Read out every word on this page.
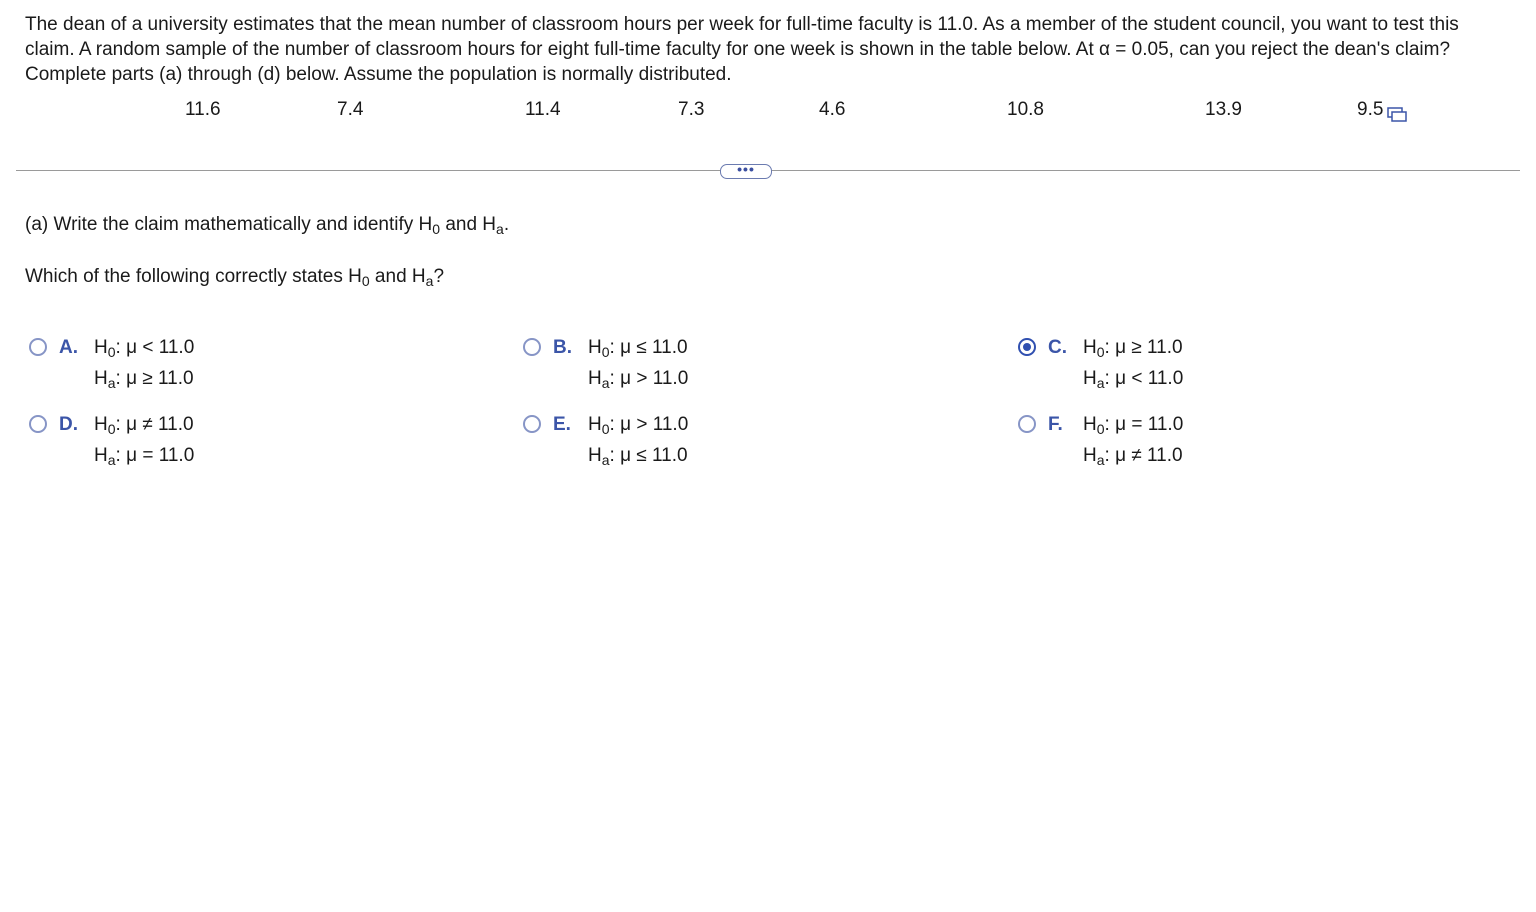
The dean of a university estimates that the mean number of classroom hours per week for full-time faculty is 11.0. As a member of the student council, you want to test this claim. A random sample of the number of classroom hours for eight full-time faculty for one week is shown in the table below. At α = 0.05, can you reject the dean's claim? Complete parts (a) through (d) below. Assume the population is normally distributed.
11.6	7.4	11.4	7.3	4.6	10.8	13.9	9.5
•••
(a) Write the claim mathematically and identify $H_0$ and $H_a$.
Which of the following correctly states $H_0$ and $H_a$?
A. $H_0$: μ < 11.0
$H_a$: μ ≥ 11.0
B. $H_0$: μ ≤ 11.0
$H_a$: μ > 11.0
C. $H_0$: μ ≥ 11.0
$H_a$: μ < 11.0
D. $H_0$: μ ≠ 11.0
$H_a$: μ = 11.0
E. $H_0$: μ > 11.0
$H_a$: μ ≤ 11.0
F. $H_0$: μ = 11.0
$H_a$: μ ≠ 11.0
